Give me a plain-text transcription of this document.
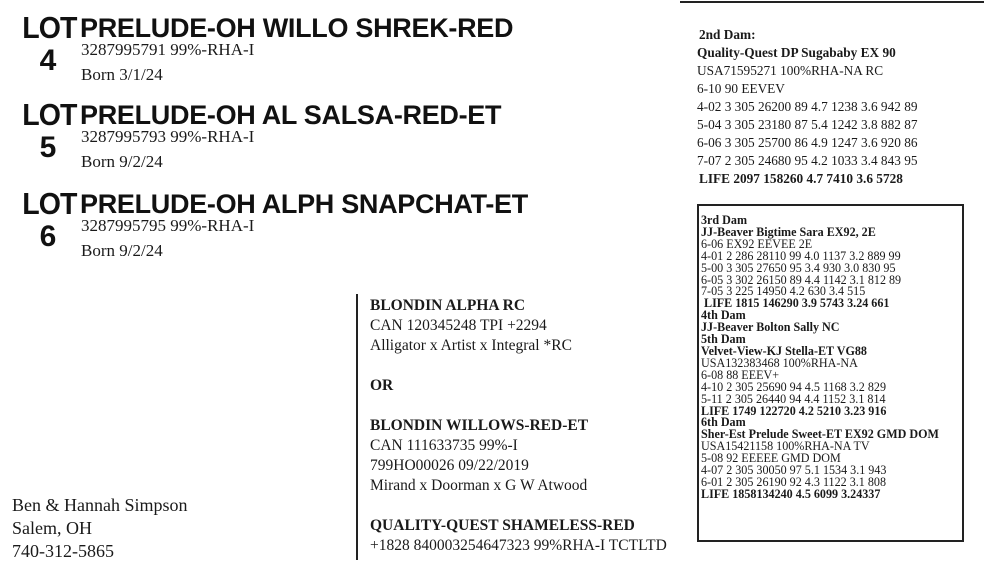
LOT
4
PRELUDE-OH WILLO SHREK-RED
3287995791 99%-RHA-I
Born 3/1/24
LOT
5
PRELUDE-OH AL SALSA-RED-ET
3287995793 99%-RHA-I
Born 9/2/24
LOT
6
PRELUDE-OH ALPH SNAPCHAT-ET
3287995795 99%-RHA-I
Born 9/2/24
Ben & Hannah Simpson
Salem, OH
740-312-5865
BLONDIN ALPHA RC
CAN 120345248 TPI +2294
Alligator x Artist x Integral *RC
OR
BLONDIN WILLOWS-RED-ET
CAN 111633735 99%-I
799HO00026 09/22/2019
Mirand x Doorman x G W Atwood
QUALITY-QUEST SHAMELESS-RED
+1828 840003254647323 99%RHA-I TCTLTD
2nd Dam:
Quality-Quest DP Sugababy EX 90
USA71595271 100%RHA-NA RC
6-10 90 EEVEV
4-02 3 305 26200 89 4.7 1238 3.6 942 89
5-04 3 305 23180 87 5.4 1242 3.8 882 87
6-06 3 305 25700 86 4.9 1247 3.6 920 86
7-07 2 305 24680 95 4.2 1033 3.4 843 95
LIFE 2097 158260 4.7 7410 3.6 5728
3rd Dam
JJ-Beaver Bigtime Sara EX92, 2E
6-06 EX92 EEVEE 2E
4-01 2 286 28110 99 4.0 1137 3.2 889 99
5-00 3 305 27650 95 3.4 930 3.0 830 95
6-05 3 302 26150 89 4.4 1142 3.1 812 89
7-05 3 225 14950 4.2 630 3.4 515
LIFE 1815 146290 3.9 5743 3.24 661
4th Dam
JJ-Beaver Bolton Sally NC
5th Dam
Velvet-View-KJ Stella-ET VG88
USA132383468 100%RHA-NA
6-08 88 EEEV+
4-10 2 305 25690 94 4.5 1168 3.2 829
5-11 2 305 26440 94 4.4 1152 3.1 814
LIFE 1749 122720 4.2 5210 3.23 916
6th Dam
Sher-Est Prelude Sweet-ET EX92 GMD DOM
USA15421158 100%RHA-NA TV
5-08 92 EEEEE GMD DOM
4-07 2 305 30050 97 5.1 1534 3.1 943
6-01 2 305 26190 92 4.3 1122 3.1 808
LIFE 1858134240 4.5 6099 3.24337
